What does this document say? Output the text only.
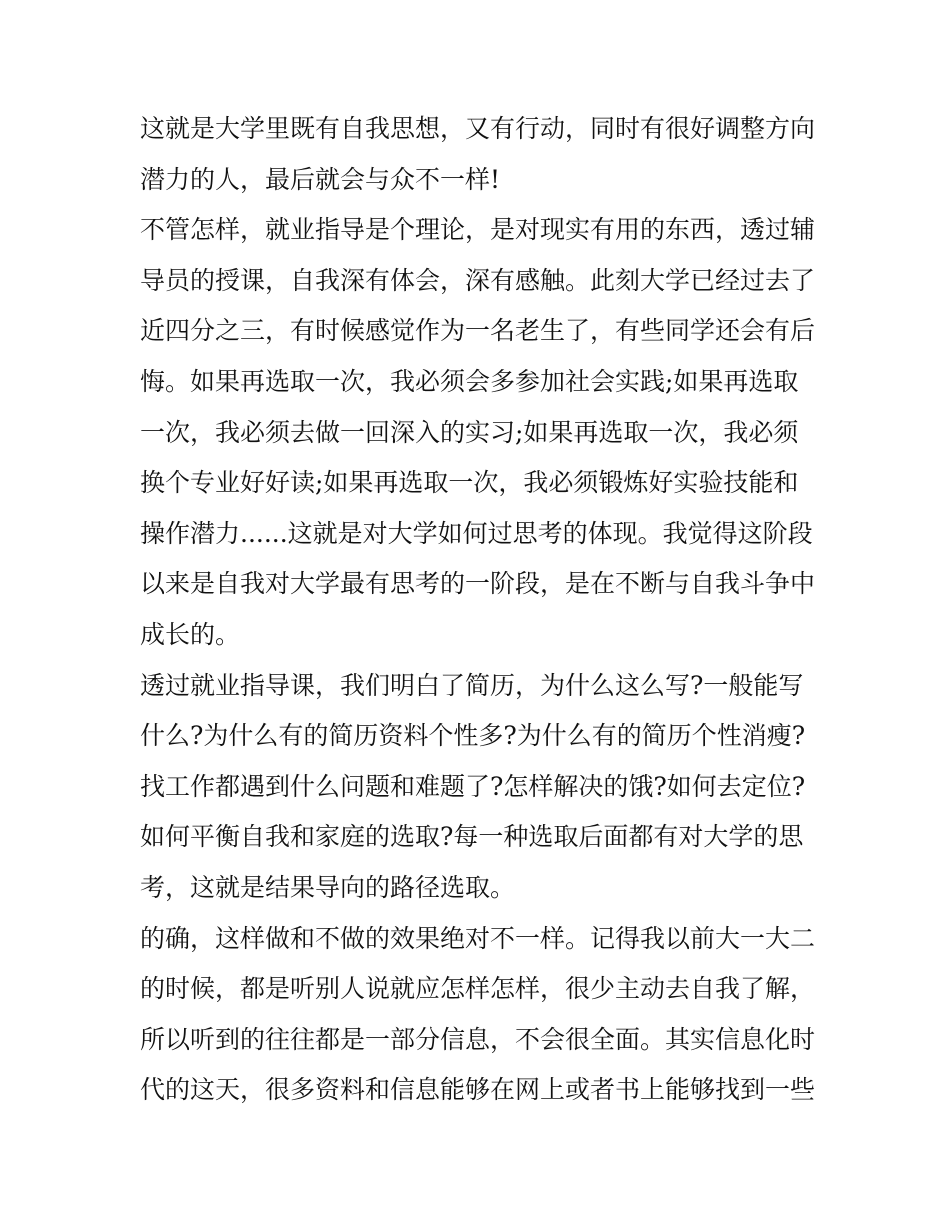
这就是大学里既有自我思想，又有行动，同时有很好调整方向
潜力的人，最后就会与众不一样!
不管怎样，就业指导是个理论，是对现实有用的东西，透过辅
导员的授课，自我深有体会，深有感触。此刻大学已经过去了
近四分之三，有时候感觉作为一名老生了，有些同学还会有后
悔。如果再选取一次，我必须会多参加社会实践;如果再选取
一次，我必须去做一回深入的实习;如果再选取一次，我必须
换个专业好好读;如果再选取一次，我必须锻炼好实验技能和
操作潜力......这就是对大学如何过思考的体现。我觉得这阶段
以来是自我对大学最有思考的一阶段，是在不断与自我斗争中
成长的。
透过就业指导课，我们明白了简历，为什么这么写?一般能写
什么?为什么有的简历资料个性多?为什么有的简历个性消瘦?
找工作都遇到什么问题和难题了?怎样解决的饿?如何去定位?
如何平衡自我和家庭的选取?每一种选取后面都有对大学的思
考，这就是结果导向的路径选取。
的确，这样做和不做的效果绝对不一样。记得我以前大一大二
的时候，都是听别人说就应怎样怎样，很少主动去自我了解，
所以听到的往往都是一部分信息，不会很全面。其实信息化时
代的这天，很多资料和信息能够在网上或者书上能够找到一些
